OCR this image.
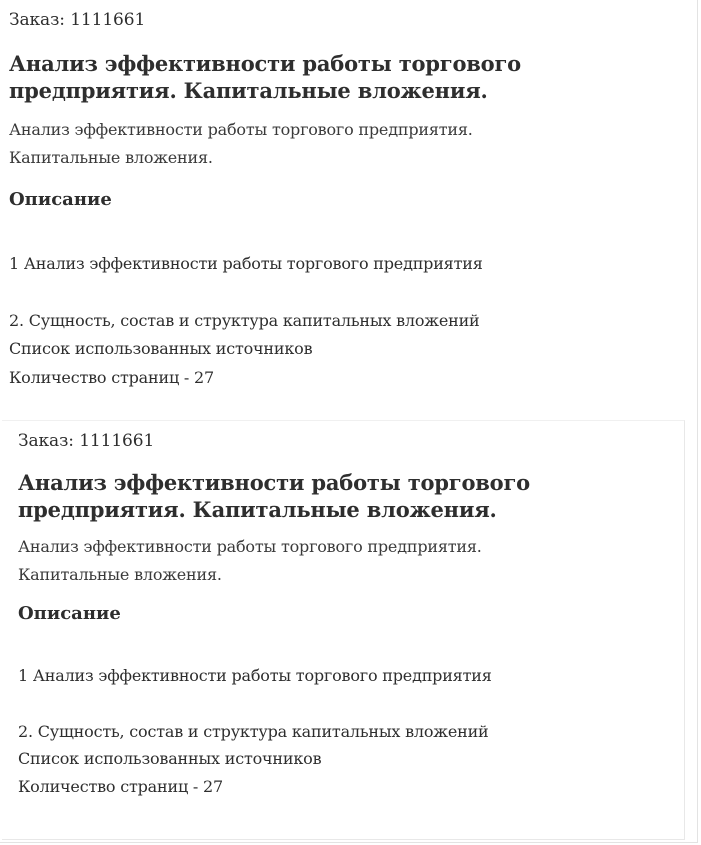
Заказ: 1111661
Анализ эффективности работы торгового
предприятия. Капитальные вложения.
Анализ эффективности работы торгового предприятия.
Капитальные вложения.
Описание
1 Анализ эффективности работы торгового предприятия
2. Сущность, состав и структура капитальных вложений
Список использованных источников
Количество страниц - 27
Заказ: 1111661
Анализ эффективности работы торгового
предприятия. Капитальные вложения.
Анализ эффективности работы торгового предприятия.
Капитальные вложения.
Описание
1 Анализ эффективности работы торгового предприятия
2. Сущность, состав и структура капитальных вложений
Список использованных источников
Количество страниц - 27
